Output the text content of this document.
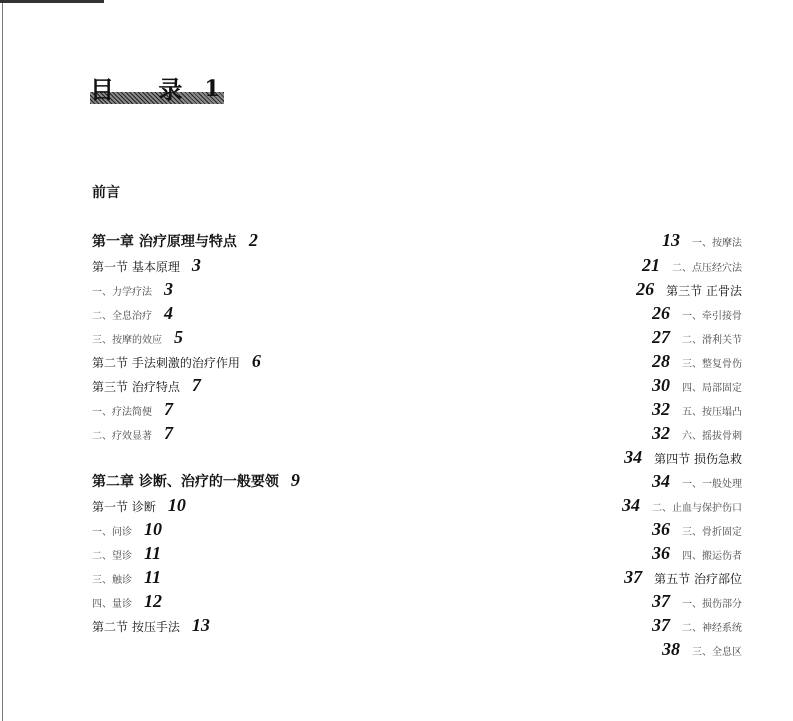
目 录 1
前言
第一章 治疗原理与特点 2
第一节 基本原理 3
一、力学疗法 3
二、全息治疗 4
三、按摩的效应 5
第二节 手法刺激的治疗作用 6
第三节 治疗特点 7
一、疗法简便 7
二、疗效显著 7
第二章 诊断、治疗的一般要领 9
第一节 诊断 10
一、问诊 10
二、望诊 11
三、触诊 11
四、量诊 12
第二节 按压手法 13
13 一、按摩法
21 二、点压经穴法
26 第三节 正骨法
26 一、牵引接骨
27 二、滑利关节
28 三、整复骨伤
30 四、局部固定
32 五、按压塌凸
32 六、摇拔骨刺
34 第四节 损伤急救
34 一、一般处理
34 二、止血与保护伤口
36 三、骨折固定
36 四、搬运伤者
37 第五节 治疗部位
37 一、损伤部分
37 二、神经系统
38 三、全息区
